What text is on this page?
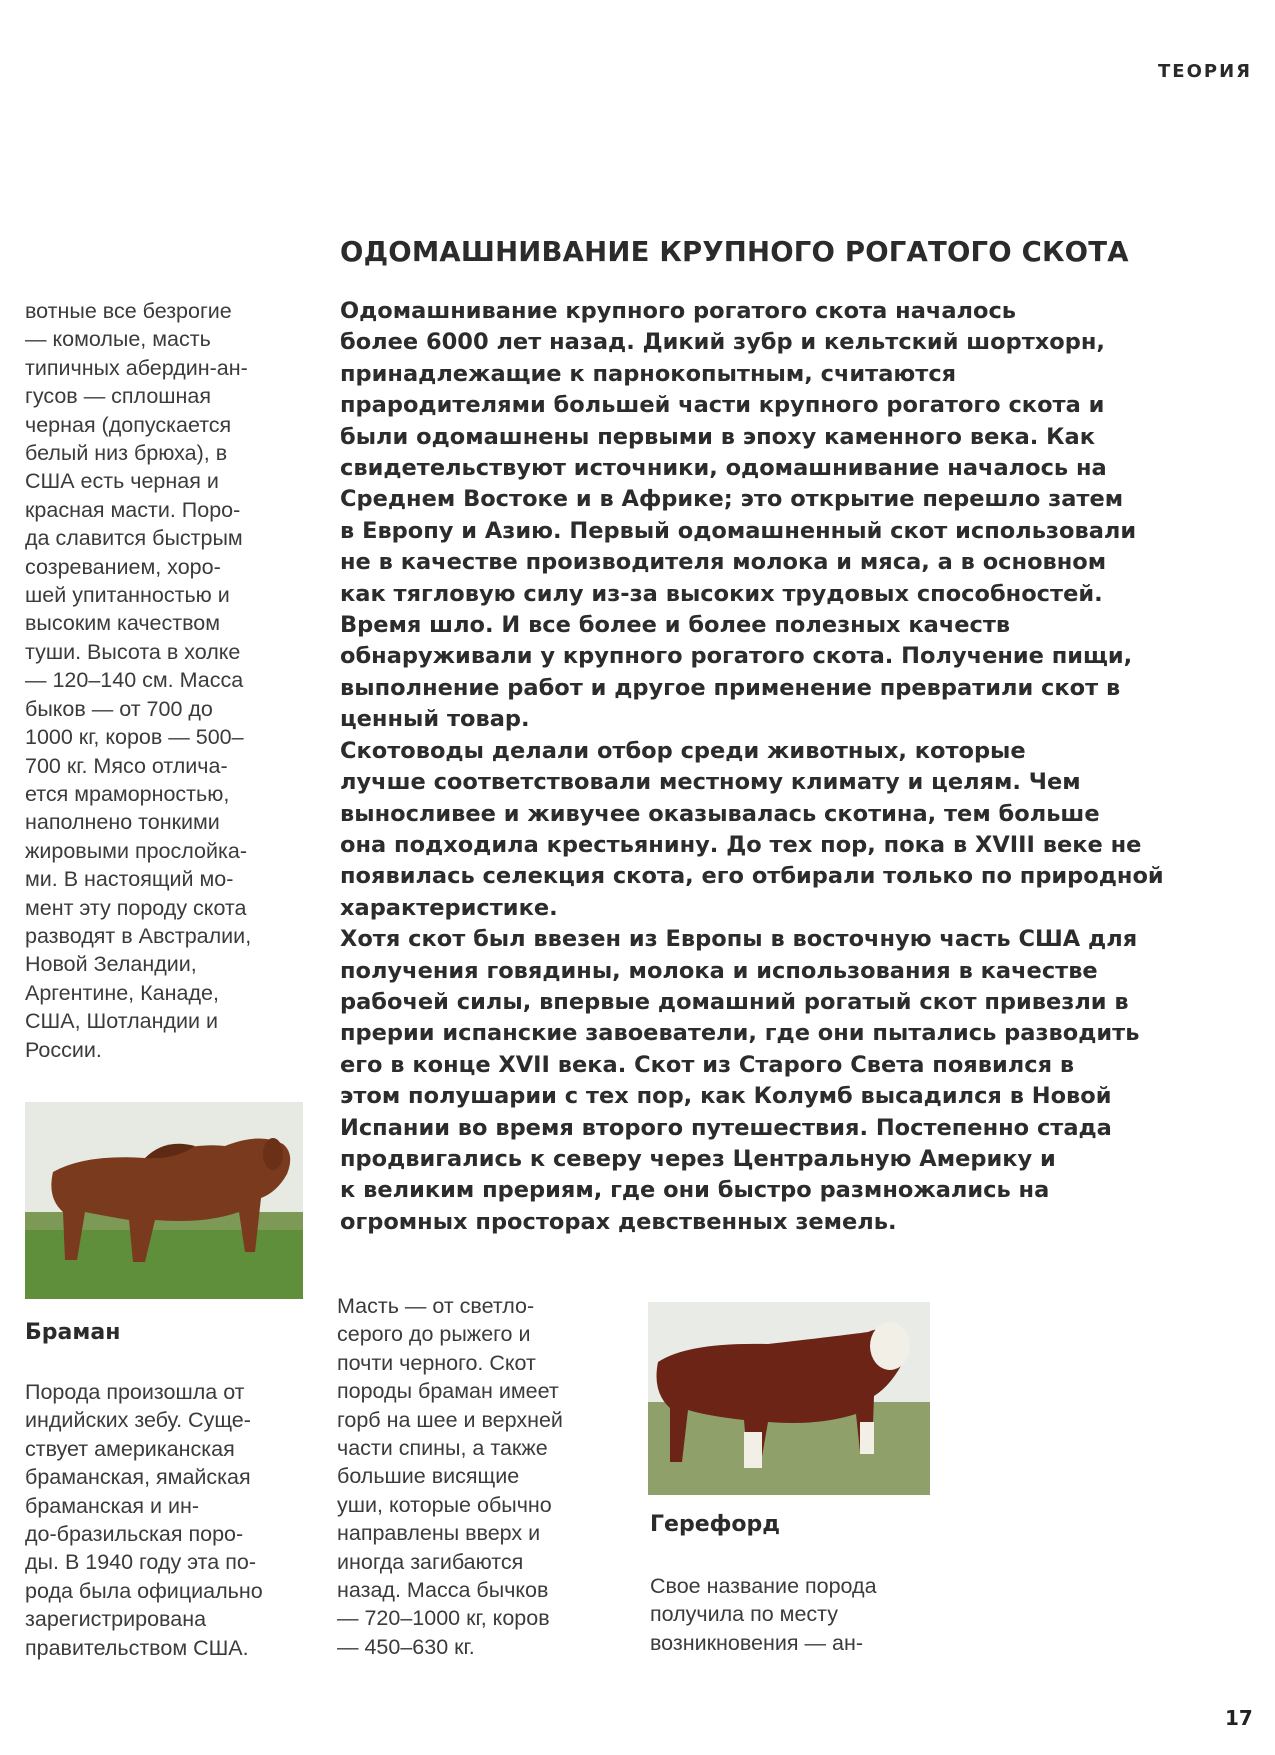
ТЕОРИЯ
ОДОМАШНИВАНИЕ КРУПНОГО РОГАТОГО СКОТА

Одомашнивание крупного рогатого скота началось
более 6000 лет назад. Дикий зубр и кельтский шортхорн,
принадлежащие к парнокопытным, считаются
прародителями большей части крупного рогатого скота и
были одомашнены первыми в эпоху каменного века. Как
свидетельствуют источники, одомашнивание началось на
Среднем Востоке и в Африке; это открытие перешло затем
в Европу и Азию. Первый одомашненный скот использовали
не в качестве производителя молока и мяса, а в основном
как тягловую силу из-за высоких трудовых способностей.
Время шло. И все более и более полезных качеств
обнаруживали у крупного рогатого скота. Получение пищи,
выполнение работ и другое применение превратили скот в
ценный товар.

Скотоводы делали отбор среди животных, которые
лучше соответствовали местному климату и целям. Чем
выносливее и живучее оказывалась скотина, тем больше
она подходила крестьянину. До тех пор, пока в XVIII веке не
появилась селекция скота, его отбирали только по природной
характеристике.

Хотя скот был ввезен из Европы в восточную часть США для
получения говядины, молока и использования в качестве
рабочей силы, впервые домашний рогатый скот привезли в
прерии испанские завоеватели, где они пытались разводить
его в конце XVII века. Скот из Старого Света появился в
этом полушарии с тех пор, как Колумб высадился в Новой
Испании во время второго путешествия. Постепенно стада
продвигались к северу через Центральную Америку и
к великим прериям, где они быстро размножались на
огромных просторах девственных земель.

вотные все безрогие
— комолые, масть
типичных абердин-ан-
гусов — сплошная
черная (допускается
белый низ брюха), в
США есть черная и
красная масти. Поро-
да славится быстрым
созреванием, хоро-
шей упитанностью и
высоким качеством
туши. Высота в холке
— 120–140 см. Масса
быков — от 700 до
1000 кг, коров — 500–
700 кг. Мясо отлича-
ется мраморностью,
наполнено тонкими
жировыми прослойка-
ми. В настоящий мо-
мент эту породу скота
разводят в Австралии,
Новой Зеландии,
Аргентине, Канаде,
США, Шотландии и
России.

Браман

Порода произошла от
индийских зебу. Суще-
ствует американская
браманская, ямайская
браманская и ин-
до-бразильская поро-
ды. В 1940 году эта по-
рода была официально
зарегистрирована
правительством США.

Масть — от светло-
серого до рыжего и
почти черного. Скот
породы браман имеет
горб на шее и верхней
части спины, а также
большие висящие
уши, которые обычно
направлены вверх и
иногда загибаются
назад. Масса бычков
— 720–1000 кг, коров
— 450–630 кг.

Герефорд

Свое название порода
получила по месту
возникновения — ан-

17
